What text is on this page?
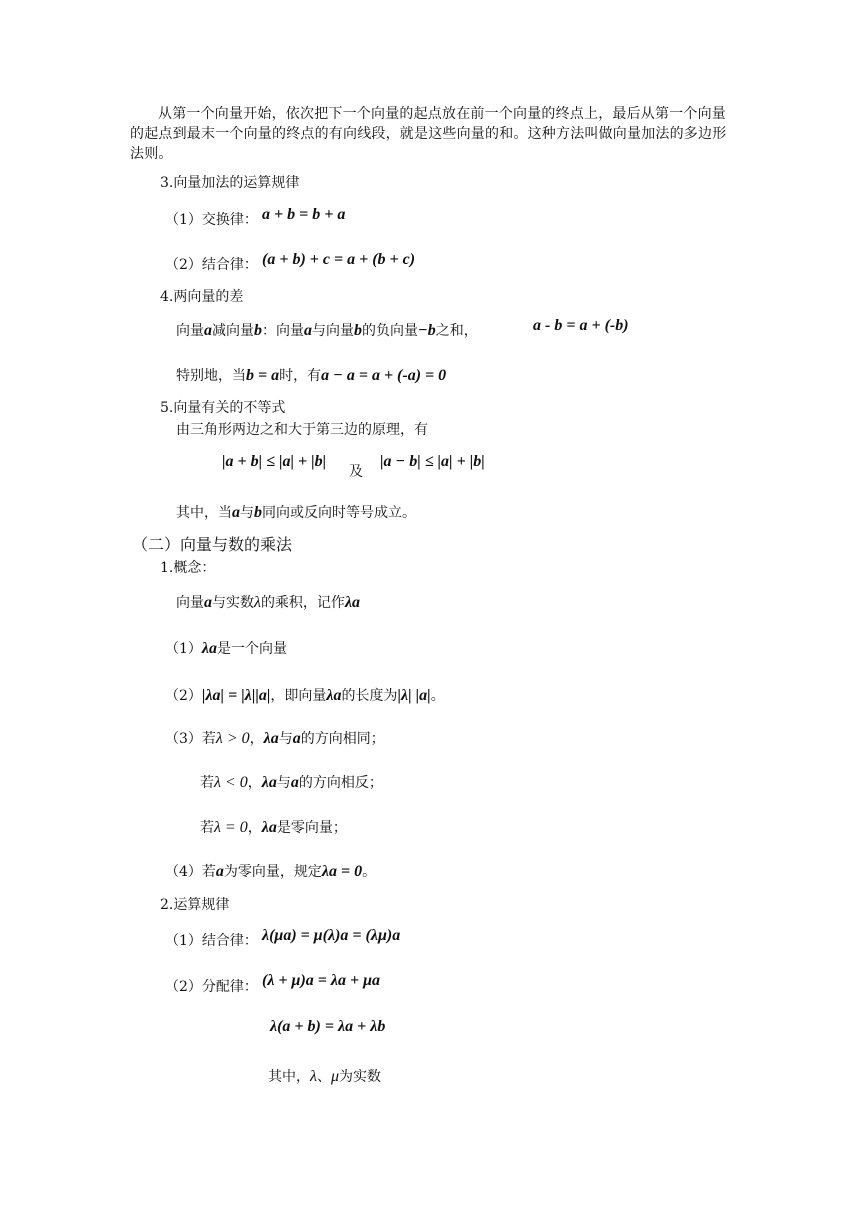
从第一个向量开始，依次把下一个向量的起点放在前一个向量的终点上，最后从第一个向量的起点到最末一个向量的终点的有向线段，就是这些向量的和。这种方法叫做向量加法的多边形法则。
3.向量加法的运算规律
（1）交换律： a + b = b + a
（2）结合律： (a + b) + c = a + (b + c)
4.两向量的差
向量a减向量b：向量a与向量b的负向量−b之和，	a - b = a + (-b)
特别地，当b = a时，有a − a = a + (-a) = 0
5.向量有关的不等式
由三角形两边之和大于第三边的原理，有
|a + b| ≤ |a| + |b|
及
|a − b| ≤ |a| + |b|
其中，当a与b同向或反向时等号成立。
（二）向量与数的乘法
1.概念：
向量a与实数λ的乘积，记作λa
（1）λa是一个向量
（2）|λa| = |λ||a|，即向量λa的长度为|λ| |a|。
（3）若λ > 0，λa与a的方向相同；
若λ < 0，λa与a的方向相反；
若λ = 0，λa是零向量；
（4）若a为零向量，规定λa = 0。
2.运算规律
（1）结合律： λ(μa) = μ(λ)a = (λμ)a
（2）分配律： (λ + μ)a = λa + μa
λ(a + b) = λa + λb
其中，λ、μ为实数
